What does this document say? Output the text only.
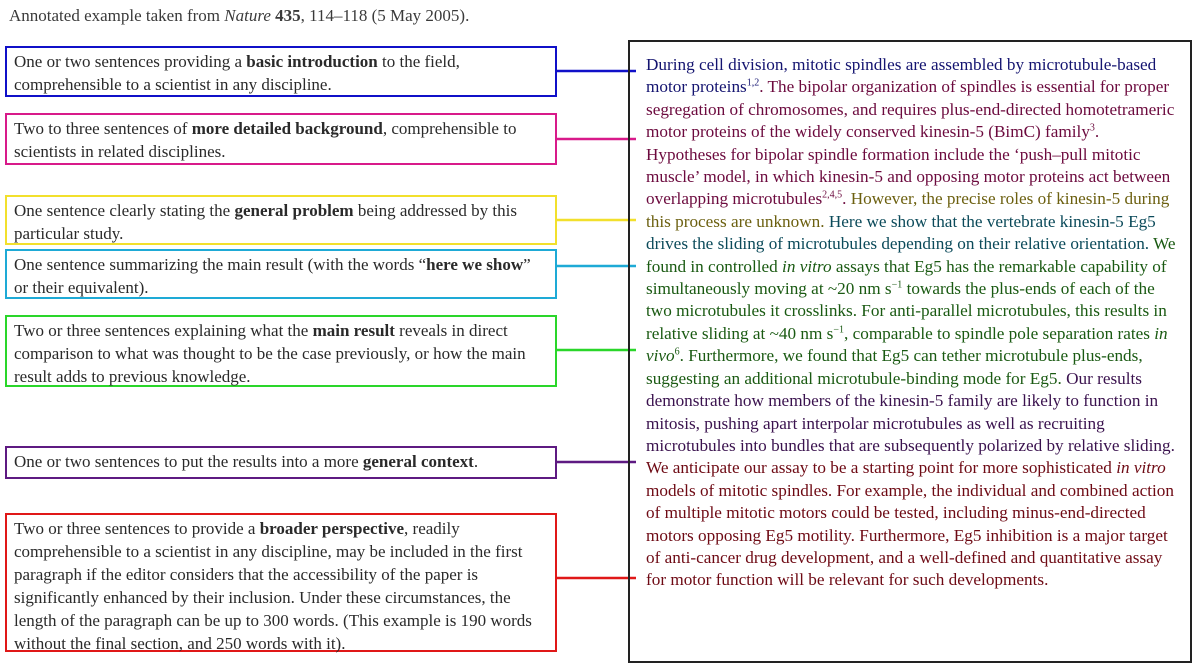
Annotated example taken from Nature 435, 114–118 (5 May 2005).
One or two sentences providing a basic introduction to the field, comprehensible to a scientist in any discipline.
Two to three sentences of more detailed background, comprehensible to scientists in related disciplines.
One sentence clearly stating the general problem being addressed by this particular study.
One sentence summarizing the main result (with the words “here we show” or their equivalent).
Two or three sentences explaining what the main result reveals in direct comparison to what was thought to be the case previously, or how the main result adds to previous knowledge.
One or two sentences to put the results into a more general context.
Two or three sentences to provide a broader perspective, readily comprehensible to a scientist in any discipline, may be included in the first paragraph if the editor considers that the accessibility of the paper is significantly enhanced by their inclusion. Under these circumstances, the length of the paragraph can be up to 300 words. (This example is 190 words without the final section, and 250 words with it).
During cell division, mitotic spindles are assembled by microtubule-based motor proteins$^{1,2}$. The bipolar organization of spindles is essential for proper segregation of chromosomes, and requires plus-end-directed homotetrameric motor proteins of the widely conserved kinesin-5 (BimC) family$^3$. Hypotheses for bipolar spindle formation include the ‘push–pull mitotic muscle’ model, in which kinesin-5 and opposing motor proteins act between overlapping microtubules$^{2,4,5}$. However, the precise roles of kinesin-5 during this process are unknown. Here we show that the vertebrate kinesin-5 Eg5 drives the sliding of microtubules depending on their relative orientation. We found in controlled in vitro assays that Eg5 has the remarkable capability of simultaneously moving at ~20 nm $s^{-1}$ towards the plus-ends of each of the two microtubules it crosslinks. For anti-parallel microtubules, this results in relative sliding at ~40 nm $s^{-1}$, comparable to spindle pole separation rates in vivo$^6$. Furthermore, we found that Eg5 can tether microtubule plus-ends, suggesting an additional microtubule-binding mode for Eg5. Our results demonstrate how members of the kinesin-5 family are likely to function in mitosis, pushing apart interpolar microtubules as well as recruiting microtubules into bundles that are subsequently polarized by relative sliding. We anticipate our assay to be a starting point for more sophisticated in vitro models of mitotic spindles. For example, the individual and combined action of multiple mitotic motors could be tested, including minus-end-directed motors opposing Eg5 motility. Furthermore, Eg5 inhibition is a major target of anti-cancer drug development, and a well-defined and quantitative assay for motor function will be relevant for such developments.
